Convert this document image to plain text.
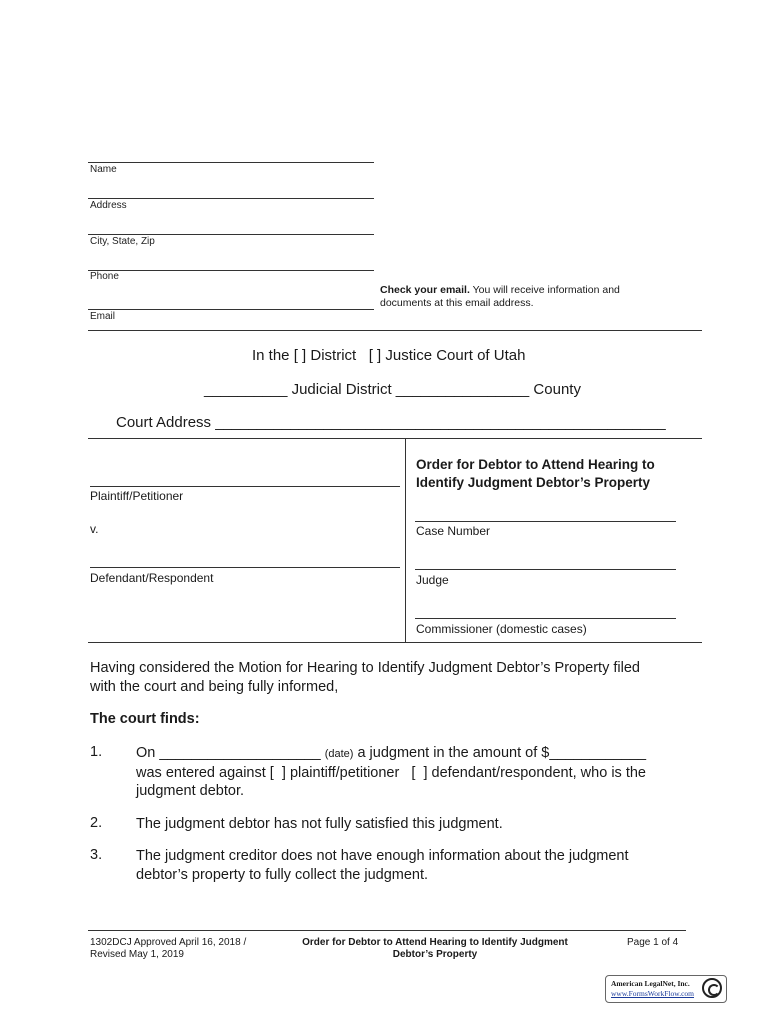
Name
Address
City, State, Zip
Phone
Email
Check your email. You will receive information and
documents at this email address.
In the [ ] District   [ ] Justice Court of Utah
__________ Judicial District ________________ County
Court Address ______________________________________________________
Plaintiff/Petitioner
v.
Defendant/Respondent
Order for Debtor to Attend Hearing to
Identify Judgment Debtor’s Property
Case Number
Judge
Commissioner (domestic cases)
Having considered the Motion for Hearing to Identify Judgment Debtor’s Property filed
with the court and being fully informed,
The court finds:
1. On ____________________ (date) a judgment in the amount of $____________
was entered against [  ] plaintiff/petitioner   [  ] defendant/respondent, who is the
judgment debtor.
2. The judgment debtor has not fully satisfied this judgment.
3. The judgment creditor does not have enough information about the judgment
debtor’s property to fully collect the judgment.
1302DCJ Approved April 16, 2018 /
Revised May 1, 2019
Order for Debtor to Attend Hearing to Identify Judgment
Debtor’s Property
Page 1 of 4
American LegalNet, Inc.
www.FormsWorkFlow.com
